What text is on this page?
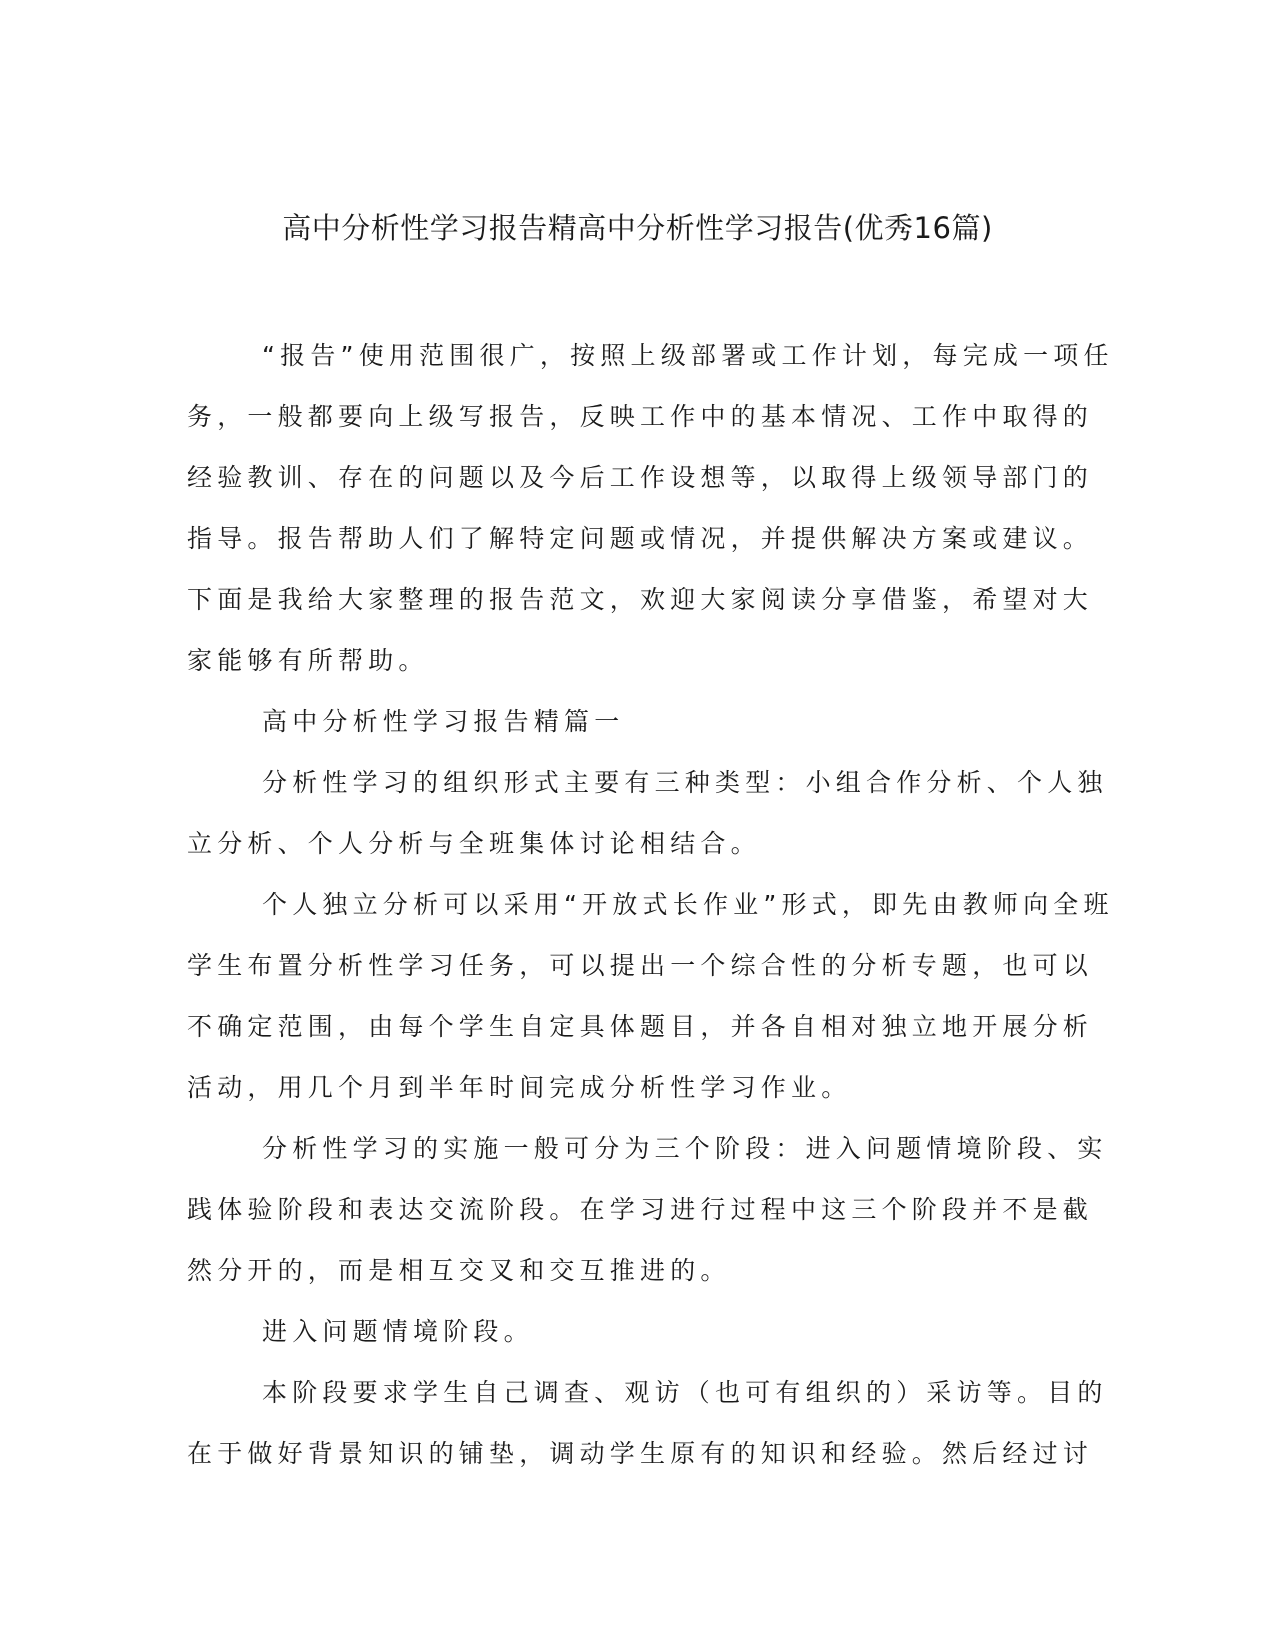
高中分析性学习报告精高中分析性学习报告(优秀16篇)
“报告”使用范围很广，按照上级部署或工作计划，每完成一项任
务，一般都要向上级写报告，反映工作中的基本情况、工作中取得的
经验教训、存在的问题以及今后工作设想等，以取得上级领导部门的
指导。报告帮助人们了解特定问题或情况，并提供解决方案或建议。
下面是我给大家整理的报告范文，欢迎大家阅读分享借鉴，希望对大
家能够有所帮助。
高中分析性学习报告精篇一
分析性学习的组织形式主要有三种类型：小组合作分析、个人独
立分析、个人分析与全班集体讨论相结合。
个人独立分析可以采用“开放式长作业”形式，即先由教师向全班
学生布置分析性学习任务，可以提出一个综合性的分析专题，也可以
不确定范围，由每个学生自定具体题目，并各自相对独立地开展分析
活动，用几个月到半年时间完成分析性学习作业。
分析性学习的实施一般可分为三个阶段：进入问题情境阶段、实
践体验阶段和表达交流阶段。在学习进行过程中这三个阶段并不是截
然分开的，而是相互交叉和交互推进的。
进入问题情境阶段。
本阶段要求学生自己调查、观访（也可有组织的）采访等。目的
在于做好背景知识的铺垫，调动学生原有的知识和经验。然后经过讨
